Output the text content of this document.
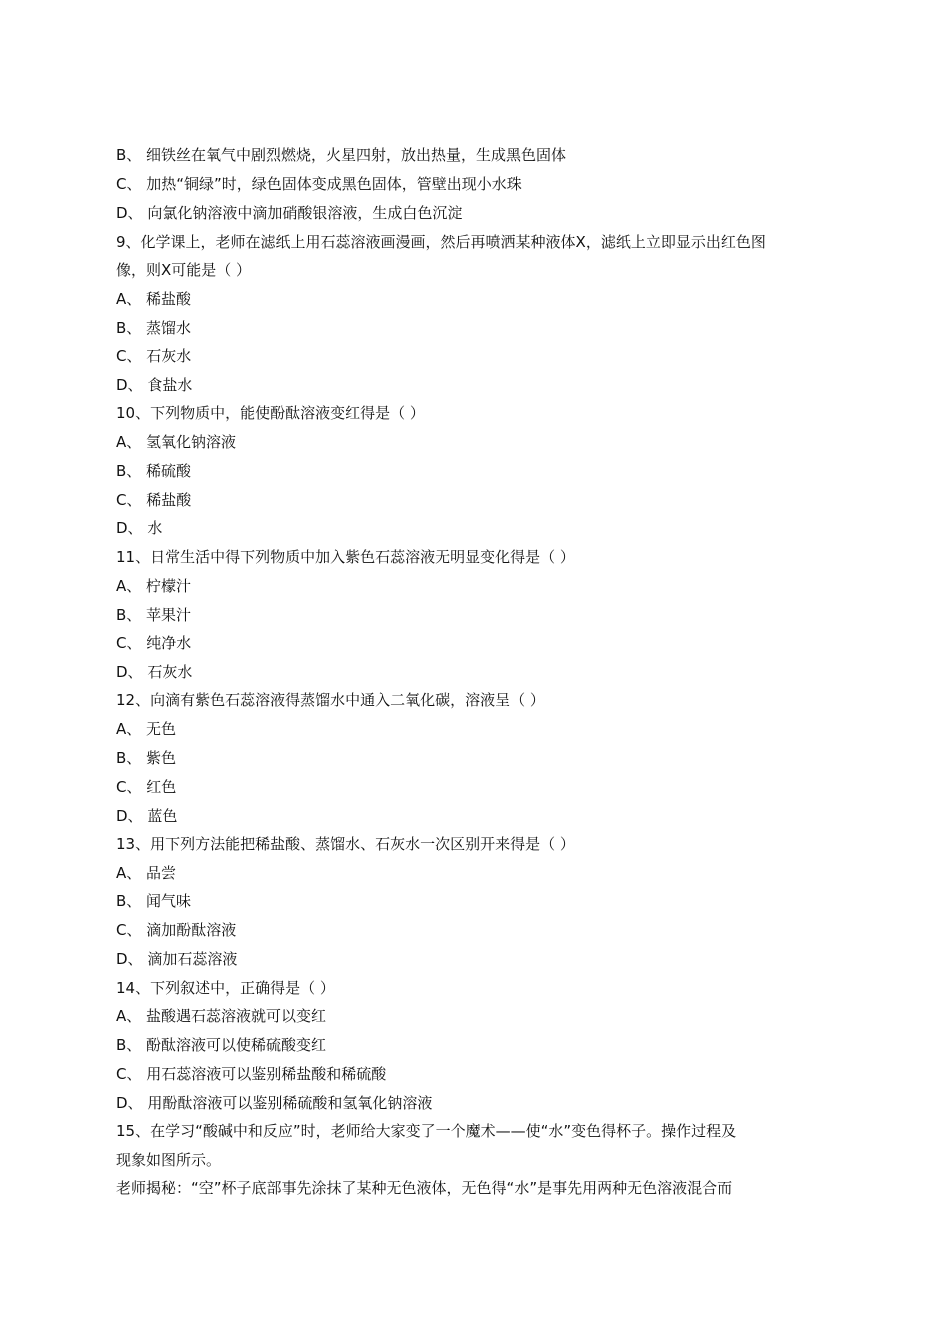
B、 细铁丝在氧气中剧烈燃烧，火星四射，放出热量，生成黑色固体
C、 加热“铜绿”时，绿色固体变成黑色固体，管壁出现小水珠
D、 向氯化钠溶液中滴加硝酸银溶液，生成白色沉淀
9、化学课上，老师在滤纸上用石蕊溶液画漫画，然后再喷洒某种液体X，滤纸上立即显示出红色图
像，则X可能是（ ）
A、 稀盐酸
B、 蒸馏水
C、 石灰水
D、 食盐水
10、下列物质中，能使酚酞溶液变红得是（ ）
A、 氢氧化钠溶液
B、 稀硫酸
C、 稀盐酸
D、 水
11、日常生活中得下列物质中加入紫色石蕊溶液无明显变化得是（ ）
A、 柠檬汁
B、 苹果汁
C、 纯净水
D、 石灰水
12、向滴有紫色石蕊溶液得蒸馏水中通入二氧化碳，溶液呈（ ）
A、 无色
B、 紫色
C、 红色
D、 蓝色
13、用下列方法能把稀盐酸、蒸馏水、石灰水一次区别开来得是（ ）
A、 品尝
B、 闻气味
C、 滴加酚酞溶液
D、 滴加石蕊溶液
14、下列叙述中，正确得是（ ）
A、 盐酸遇石蕊溶液就可以变红
B、 酚酞溶液可以使稀硫酸变红
C、 用石蕊溶液可以鉴别稀盐酸和稀硫酸
D、 用酚酞溶液可以鉴别稀硫酸和氢氧化钠溶液
15、在学习“酸碱中和反应”时，老师给大家变了一个魔术——使“水”变色得杯子。操作过程及
现象如图所示。
老师揭秘：“空”杯子底部事先涂抹了某种无色液体，无色得“水”是事先用两种无色溶液混合而
